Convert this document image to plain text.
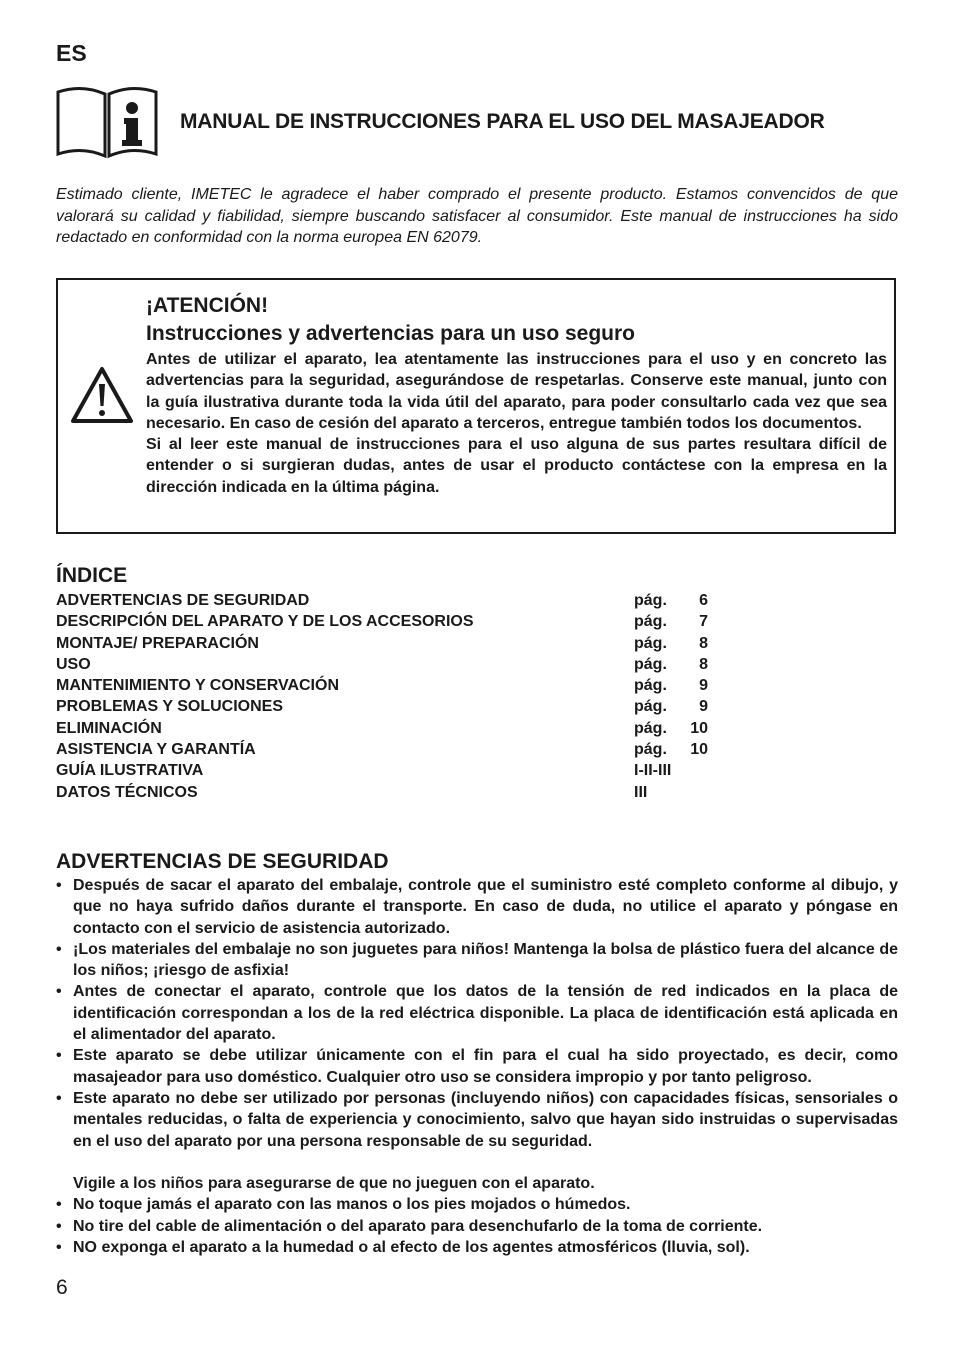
ES
MANUAL DE INSTRUCCIONES PARA EL USO DEL MASAJEADOR

Estimado cliente, IMETEC le agradece el haber comprado el presente producto. Estamos convencidos de que valorará su calidad y fiabilidad, siempre buscando satisfacer al consumidor. Este manual de instrucciones ha sido redactado en conformidad con la norma europea EN 62079.

¡ATENCIÓN!
Instrucciones y advertencias para un uso seguro

Antes de utilizar el aparato, lea atentamente las instrucciones para el uso y en concreto las advertencias para la seguridad, asegurándose de respetarlas. Conserve este manual, junto con la guía ilustrativa durante toda la vida útil del aparato, para poder consultarlo cada vez que sea necesario. En caso de cesión del aparato a terceros, entregue también todos los documentos.

Si al leer este manual de instrucciones para el uso alguna de sus partes resultara difícil de entender o si surgieran dudas, antes de usar el producto contáctese con la empresa en la dirección indicada en la última página.

ÍNDICE
ADVERTENCIAS DE SEGURIDAD	pág. 6
DESCRIPCIÓN DEL APARATO Y DE LOS ACCESORIOS	pág. 7
MONTAJE/ PREPARACIÓN	pág. 8
USO	pág. 8
MANTENIMIENTO Y CONSERVACIÓN	pág. 9
PROBLEMAS Y SOLUCIONES	pág. 9
ELIMINACIÓN	pág. 10
ASISTENCIA Y GARANTÍA	pág. 10
GUÍA ILUSTRATIVA	I-II-III
DATOS TÉCNICOS	III
ADVERTENCIAS DE SEGURIDAD
• Después de sacar el aparato del embalaje, controle que el suministro esté completo conforme al dibujo, y que no haya sufrido daños durante el transporte. En caso de duda, no utilice el aparato y póngase en contacto con el servicio de asistencia autorizado.
• ¡Los materiales del embalaje no son juguetes para niños! Mantenga la bolsa de plástico fuera del alcance de los niños; ¡riesgo de asfixia!
• Antes de conectar el aparato, controle que los datos de la tensión de red indicados en la placa de identificación correspondan a los de la red eléctrica disponible. La placa de identificación está aplicada en el alimentador del aparato.
• Este aparato se debe utilizar únicamente con el fin para el cual ha sido proyectado, es decir, como masajeador para uso doméstico. Cualquier otro uso se considera impropio y por tanto peligroso.
• Este aparato no debe ser utilizado por personas (incluyendo niños) con capacidades físicas, sensoriales o mentales reducidas, o falta de experiencia y conocimiento, salvo que hayan sido instruidas o supervisadas en el uso del aparato por una persona responsable de su seguridad.
Vigile a los niños para asegurarse de que no jueguen con el aparato.
• No toque jamás el aparato con las manos o los pies mojados o húmedos.
• No tire del cable de alimentación o del aparato para desenchufarlo de la toma de corriente.
• NO exponga el aparato a la humedad o al efecto de los agentes atmosféricos (lluvia, sol).
6
